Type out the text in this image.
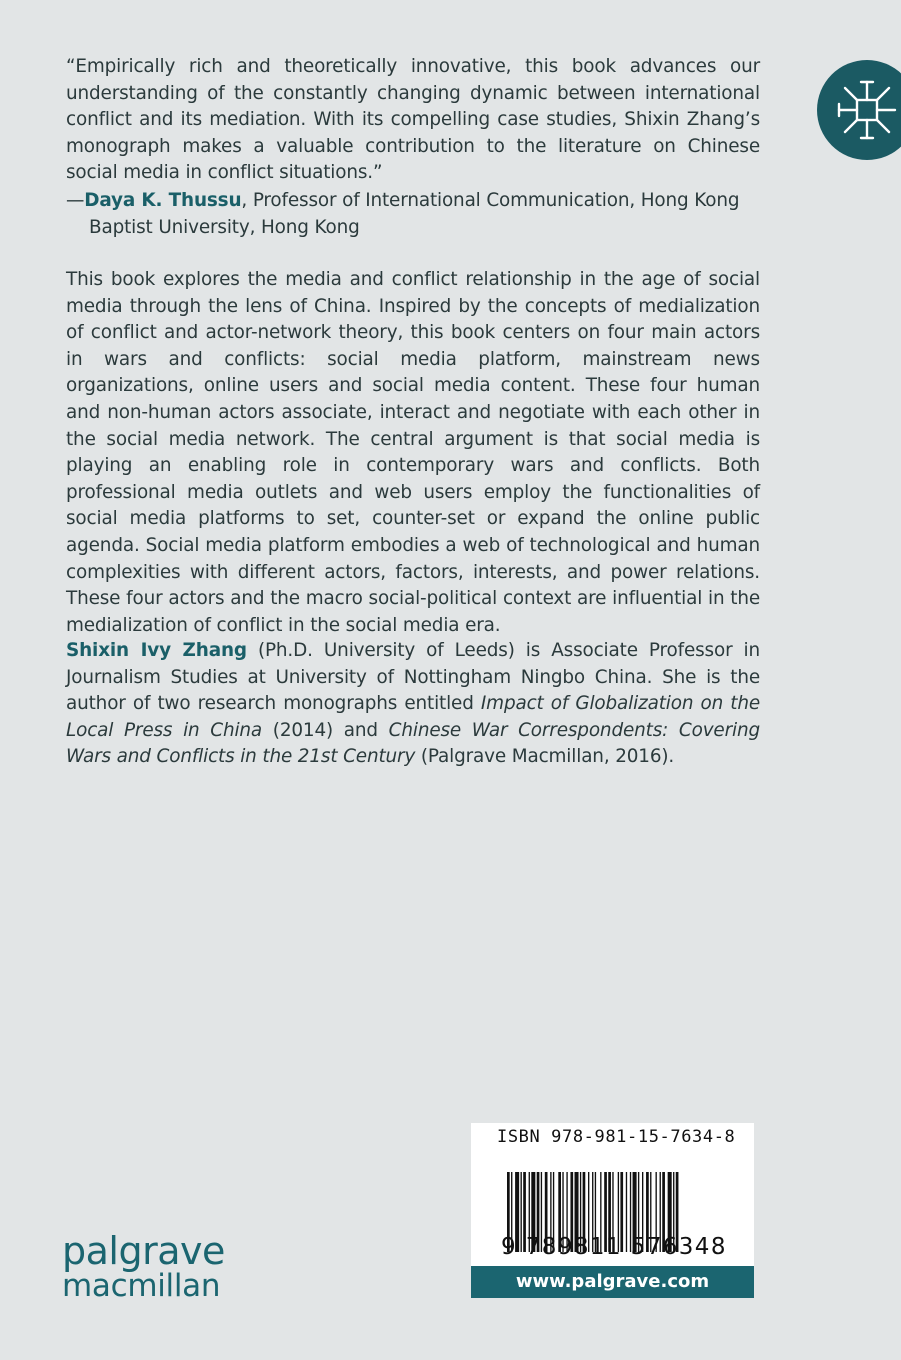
“Empirically rich and theoretically innovative, this book advances our understanding of the constantly changing dynamic between international conflict and its mediation. With its compelling case studies, Shixin Zhang’s monograph makes a valuable contribution to the literature on Chinese social media in conflict situations.”
—Daya K. Thussu, Professor of International Communication, Hong Kong
Baptist University, Hong Kong
This book explores the media and conflict relationship in the age of social media through the lens of China. Inspired by the concepts of medialization of conflict and actor-network theory, this book centers on four main actors in wars and conflicts: social media platform, mainstream news organizations, online users and social media content. These four human and non-human actors associate, interact and negotiate with each other in the social media network. The central argument is that social media is playing an enabling role in contemporary wars and conflicts. Both professional media outlets and web users employ the functionalities of social media platforms to set, counter-set or expand the online public agenda. Social media platform embodies a web of technological and human complexities with different actors, factors, interests, and power relations. These four actors and the macro social-political context are influential in the medialization of conflict in the social media era.
Shixin Ivy Zhang (Ph.D. University of Leeds) is Associate Professor in Journalism Studies at University of Nottingham Ningbo China. She is the author of two research monographs entitled Impact of Globalization on the Local Press in China (2014) and Chinese War Correspondents: Covering Wars and Conflicts in the 21st Century (Palgrave Macmillan, 2016).
palgrave
macmillan
ISBN 978-981-15-7634-8
9 789811 576348
www.palgrave.com
